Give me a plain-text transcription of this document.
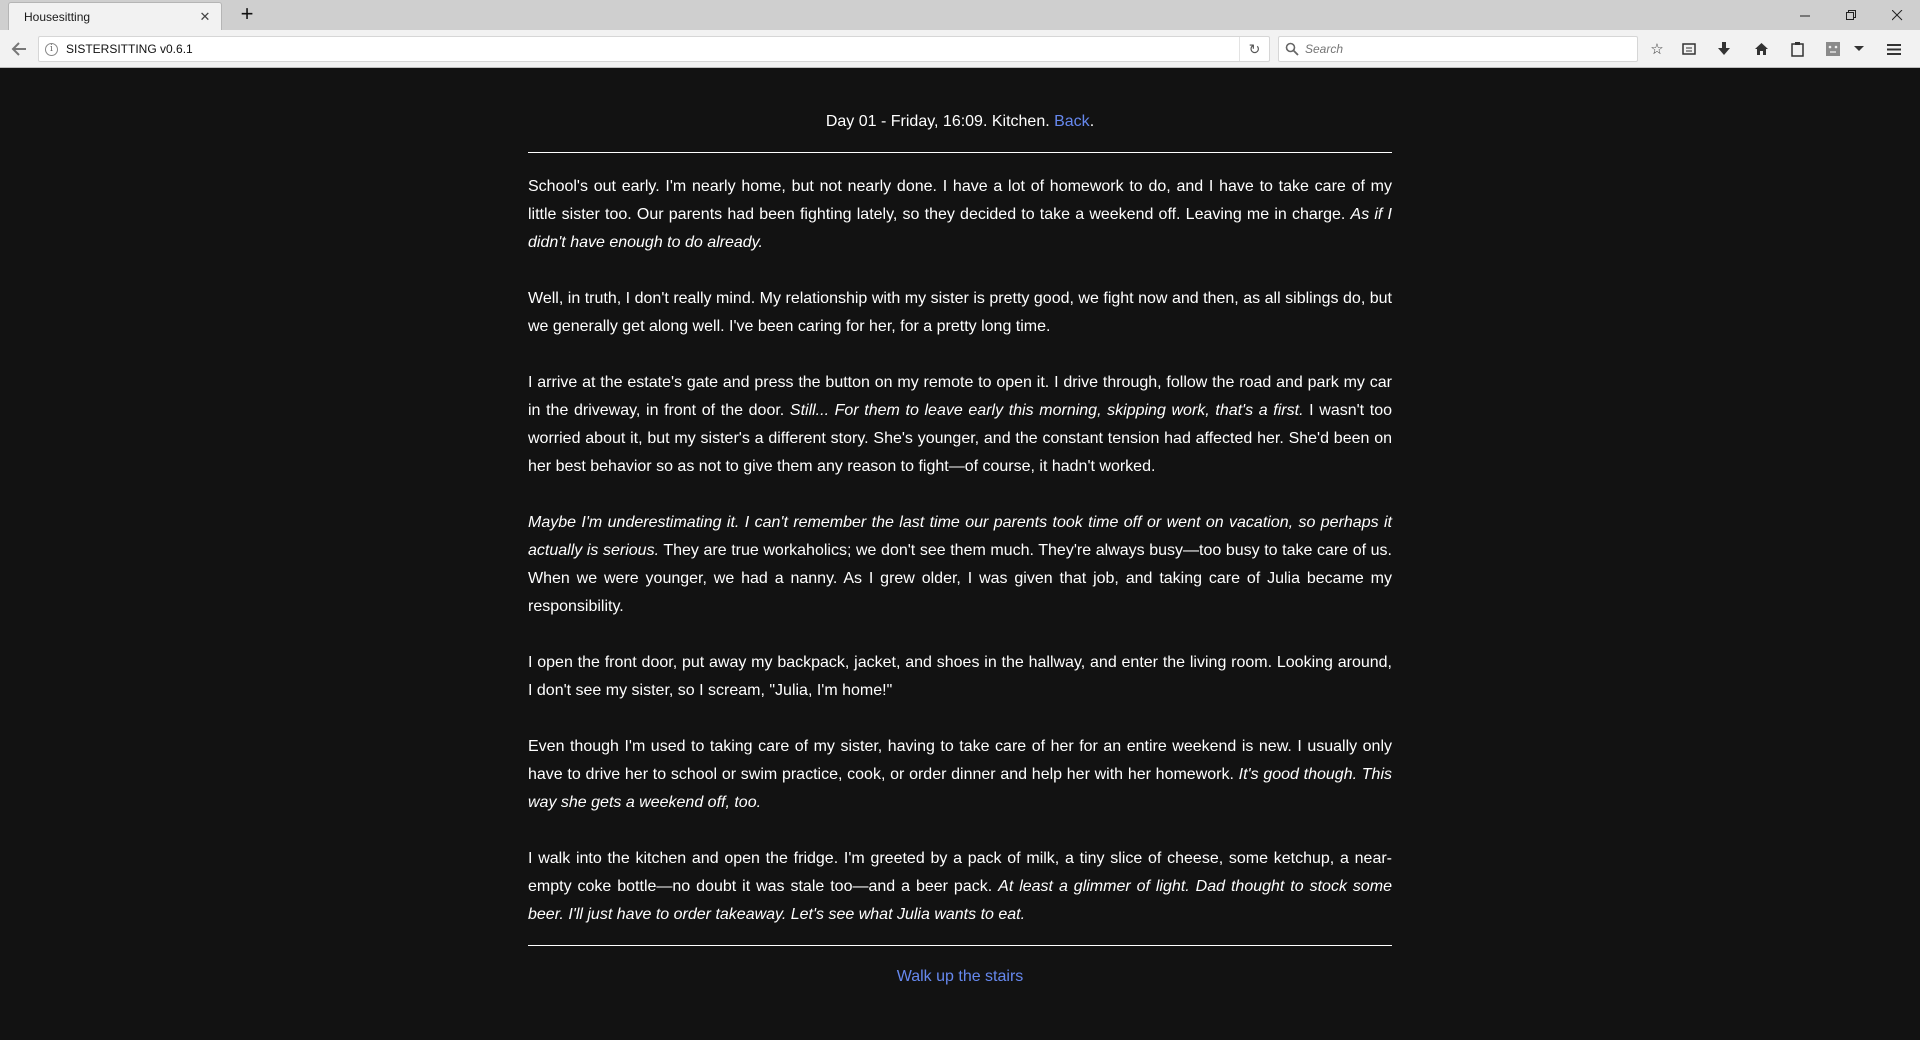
Housesitting	✕ +
i	SISTERSITTING v0.6.1	↻
Search	☆
Day 01 - Friday, 16:09. Kitchen. Back.

School's out early. I'm nearly home, but not nearly done. I have a lot of homework to do, and I have to take care of my little sister too. Our parents had been fighting lately, so they decided to take a weekend off. Leaving me in charge. As if I didn't have enough to do already.

Well, in truth, I don't really mind. My relationship with my sister is pretty good, we fight now and then, as all siblings do, but we generally get along well. I've been caring for her, for a pretty long time.

I arrive at the estate's gate and press the button on my remote to open it. I drive through, follow the road and park my car in the driveway, in front of the door. Still... For them to leave early this morning, skipping work, that's a first. I wasn't too worried about it, but my sister's a different story. She's younger, and the constant tension had affected her. She'd been on her best behavior so as not to give them any reason to fight—of course, it hadn't worked.

Maybe I'm underestimating it. I can't remember the last time our parents took time off or went on vacation, so perhaps it actually is serious. They are true workaholics; we don't see them much. They're always busy—too busy to take care of us. When we were younger, we had a nanny. As I grew older, I was given that job, and taking care of Julia became my responsibility.

I open the front door, put away my backpack, jacket, and shoes in the hallway, and enter the living room. Looking around, I don't see my sister, so I scream, "Julia, I'm home!"

Even though I'm used to taking care of my sister, having to take care of her for an entire weekend is new. I usually only have to drive her to school or swim practice, cook, or order dinner and help her with her homework. It's good though. This way she gets a weekend off, too.

I walk into the kitchen and open the fridge. I'm greeted by a pack of milk, a tiny slice of cheese, some ketchup, a near-empty coke bottle—no doubt it was stale too—and a beer pack. At least a glimmer of light. Dad thought to stock some beer. I'll just have to order takeaway. Let's see what Julia wants to eat.

Walk up the stairs
